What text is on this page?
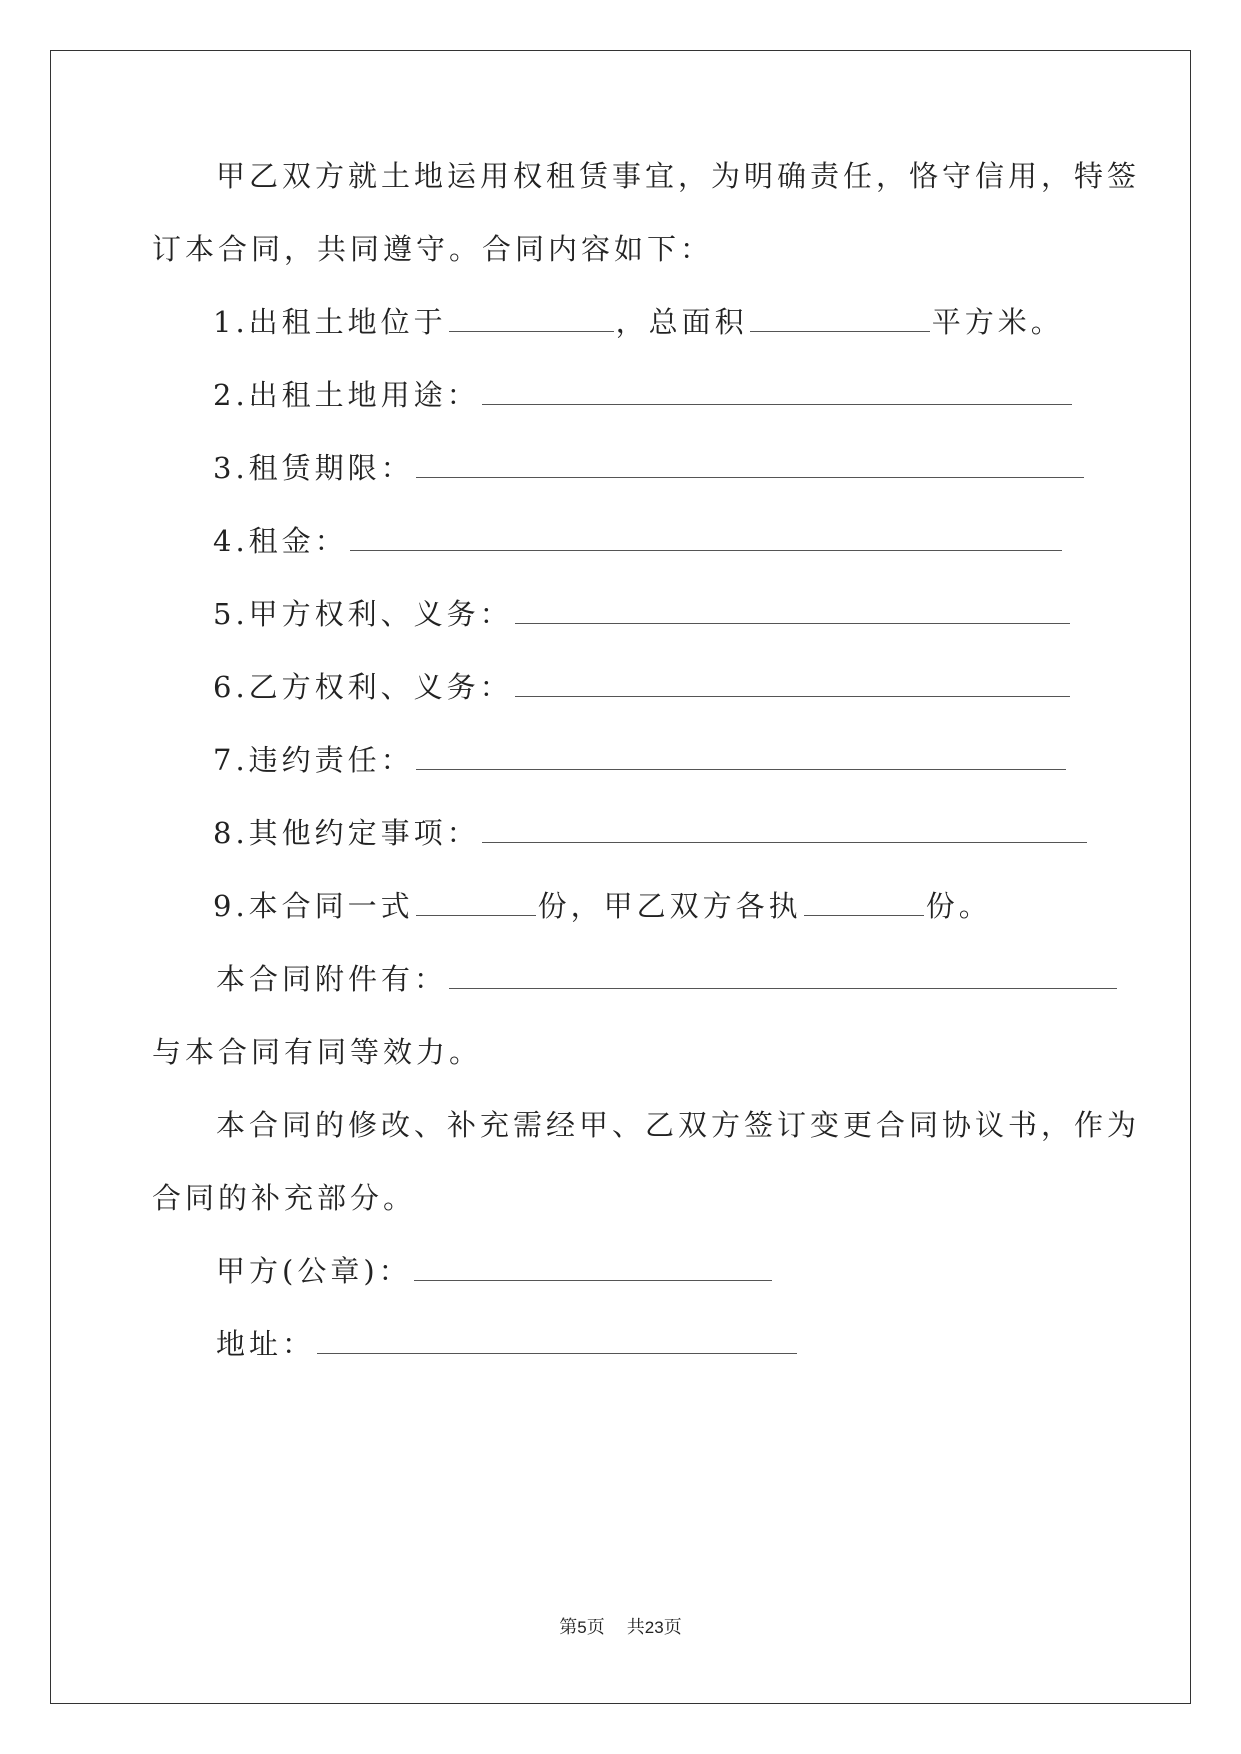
甲乙双方就土地运用权租赁事宜，为明确责任，恪守信用，特签
订本合同，共同遵守。合同内容如下：
1.出租土地位于	，总面积	平方米。
2.出租土地用途：
3.租赁期限：
4.租金：
5.甲方权利、义务：
6.乙方权利、义务：
7.违约责任：
8.其他约定事项：
9.本合同一式	份，甲乙双方各执	份。
本合同附件有：
与本合同有同等效力。
本合同的修改、补充需经甲、乙双方签订变更合同协议书，作为
合同的补充部分。
甲方(公章)：
地址：
第5页 共23页
